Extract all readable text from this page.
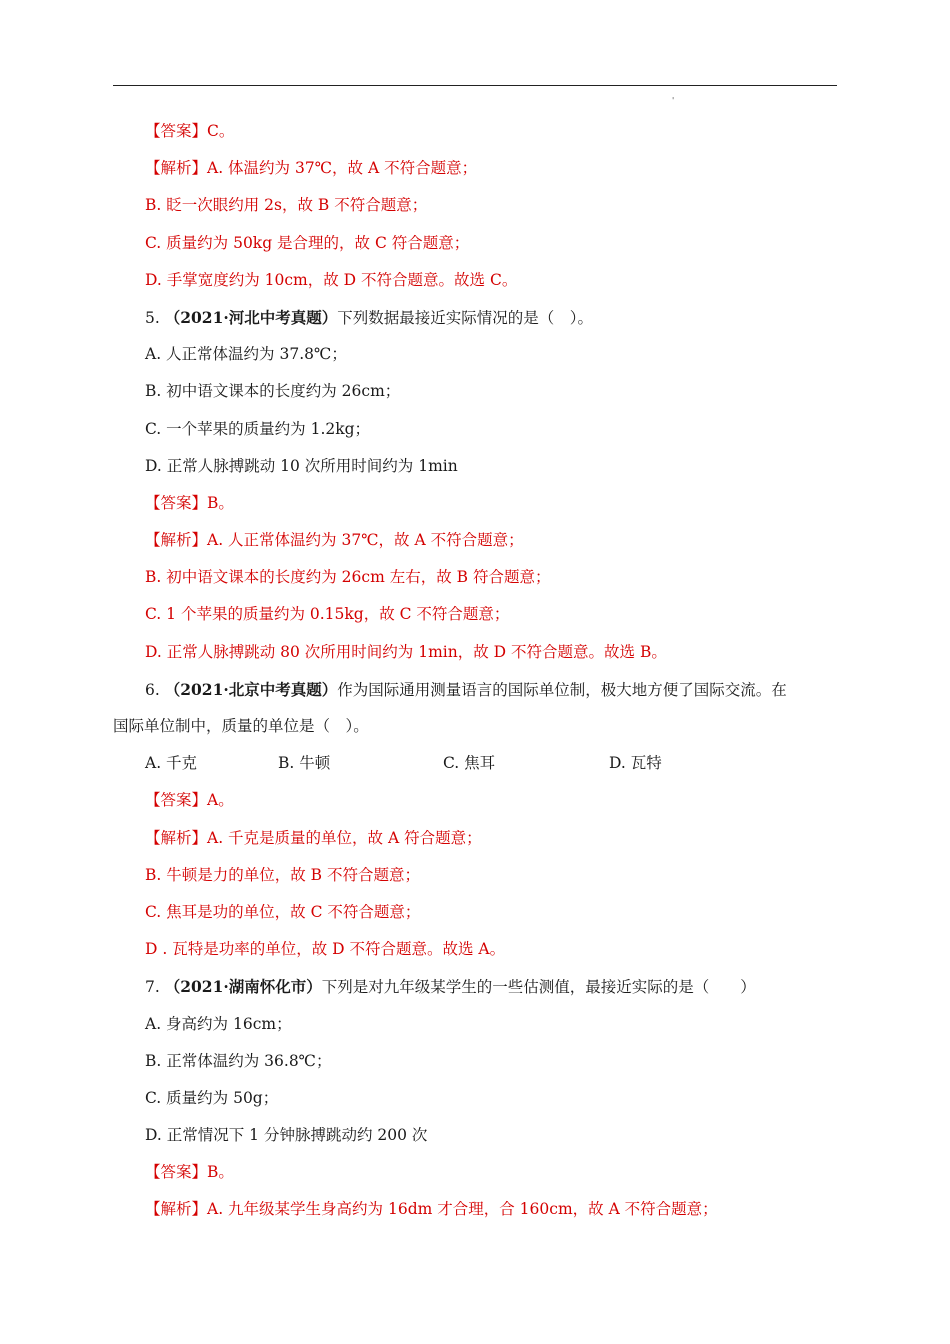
'
【答案】C。
【解析】A. 体温约为 37℃，故 A 不符合题意；
B. 眨一次眼约用 2s，故 B 不符合题意；
C. 质量约为 50kg 是合理的，故 C 符合题意；
D. 手掌宽度约为 10cm，故 D 不符合题意。故选 C。
5. （2021·河北中考真题）下列数据最接近实际情况的是（　）。
A. 人正常体温约为 37.8℃；
B. 初中语文课本的长度约为 26cm；
C. 一个苹果的质量约为 1.2kg；
D. 正常人脉搏跳动 10 次所用时间约为 1min
【答案】B。
【解析】A. 人正常体温约为 37℃，故 A 不符合题意；
B. 初中语文课本的长度约为 26cm 左右，故 B 符合题意；
C. 1 个苹果的质量约为 0.15kg，故 C 不符合题意；
D. 正常人脉搏跳动 80 次所用时间约为 1min，故 D 不符合题意。故选 B。
6. （2021·北京中考真题）作为国际通用测量语言的国际单位制，极大地方便了国际交流。在
国际单位制中，质量的单位是（　）。
A. 千克	B. 牛顿	C. 焦耳	D. 瓦特
【答案】A。
【解析】A. 千克是质量的单位，故 A 符合题意；
B. 牛顿是力的单位，故 B 不符合题意；
C. 焦耳是功的单位，故 C 不符合题意；
D . 瓦特是功率的单位，故 D 不符合题意。故选 A。
7. （2021·湖南怀化市）下列是对九年级某学生的一些估测值，最接近实际的是（　　）
A. 身高约为 16cm；
B. 正常体温约为 36.8℃；
C. 质量约为 50g；
D. 正常情况下 1 分钟脉搏跳动约 200 次
【答案】B。
【解析】A. 九年级某学生身高约为 16dm 才合理，合 160cm，故 A 不符合题意；
